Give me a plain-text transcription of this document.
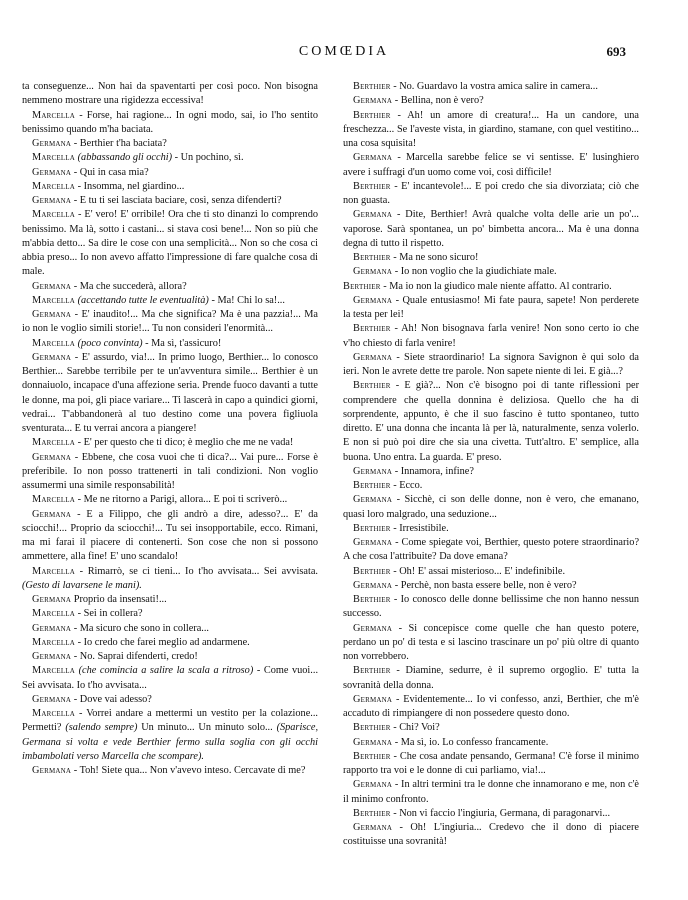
COMŒDIA	693

ta conseguenze... Non hai da spaventarti per così poco. Non bisogna nemmeno mostrare una rigidezza eccessiva!

Marcella - Forse, hai ragione... In ogni modo, sai, io l'ho sentito benissimo quando m'ha baciata.

Germana - Berthier t'ha baciata?

Marcella (abbassando gli occhi) - Un pochino, sì.

Germana - Qui in casa mia?

Marcella - Insomma, nel giardino...

Germana - E tu ti sei lasciata baciare, così, senza difenderti?

Marcella - E' vero! E' orribile! Ora che ti sto dinanzi lo comprendo benissimo. Ma là, sotto i castani... si stava così bene!... Non so più che m'abbia detto... Sa dire le cose con una semplicità... Non so che cosa ci abbia preso... Io non avevo affatto l'impressione di fare qualche cosa di male.

Germana - Ma che succederà, allora?

Marcella (accettando tutte le eventualità) - Ma! Chi lo sa!...

Germana - E' inaudito!... Ma che significa? Ma è una pazzia!... Ma io non le voglio simili storie!... Tu non consideri l'enormità...

Marcella (poco convinta) - Ma sì, t'assicuro!

Germana - E' assurdo, via!... In primo luogo, Berthier... lo conosco Berthier... Sarebbe terribile per te un'avventura simile... Berthier è un donnaiuolo, incapace d'una affezione seria. Prende fuoco davanti a tutte le donne, ma poi, gli piace variare... Ti lascerà in capo a quindici giorni, vedrai... T'abbandonerà al tuo destino come una povera figliuola sventurata... E tu verrai ancora a piangere!

Marcella - E' per questo che ti dico; è meglio che me ne vada!

Germana - Ebbene, che cosa vuoi che ti dica?... Vai pure... Forse è preferibile. Io non posso trattenerti in tali condizioni. Non voglio assumermi una simile responsabilità!

Marcella - Me ne ritorno a Parigi, allora... E poi ti scriverò...

Germana - E a Filippo, che gli andrò a dire, adesso?... E' da sciocchi!... Proprio da sciocchi!... Tu sei insopportabile, ecco. Rimani, ma mi farai il piacere di contenerti. Son cose che non si possono ammettere, alla fine! E' uno scandalo!

Marcella - Rimarrò, se ci tieni... Io t'ho avvisata... Sei avvisata. (Gesto di lavarsene le mani).

Germana Proprio da insensati!...

Marcella - Sei in collera?

Germana - Ma sicuro che sono in collera...

Marcella - Io credo che farei meglio ad andarmene.

Germana - No. Saprai difenderti, credo!

Marcella (che comincia a salire la scala a ritroso) - Come vuoi... Sei avvisata. Io t'ho avvisata...

Germana - Dove vai adesso?

Marcella - Vorrei andare a mettermi un vestito per la colazione... Permetti? (salendo sempre) Un minuto... Un minuto solo... (Sparisce, Germana si volta e vede Berthier fermo sulla soglia con gli occhi imbambolati verso Marcella che scompare).

Germana - Toh! Siete qua... Non v'avevo inteso. Cercavate di me?

Berthier - No. Guardavo la vostra amica salire in camera...

Germana - Bellina, non è vero?

Berthier - Ah! un amore di creatura!... Ha un candore, una freschezza... Se l'aveste vista, in giardino, stamane, con quel vestitino... una cosa squisita!

Germana - Marcella sarebbe felice se vi sentisse. E' lusinghiero avere i suffragi d'un uomo come voi, così difficile!

Berthier - E' incantevole!... E poi credo che sia divorziata; ciò che non guasta.

Germana - Dite, Berthier! Avrà qualche volta delle arie un po'... vaporose. Sarà spontanea, un po' bimbetta ancora... Ma è una donna degna di tutto il rispetto.

Berthier - Ma ne sono sicuro!

Germana - Io non voglio che la giudichiate male.

Berthier - Ma io non la giudico male niente affatto. Al contrario.

Germana - Quale entusiasmo! Mi fate paura, sapete! Non perderete la testa per lei!

Berthier - Ah! Non bisognava farla venire! Non sono certo io che v'ho chiesto di farla venire!

Germana - Siete straordinario! La signora Savignon è qui solo da ieri. Non le avrete dette tre parole. Non sapete niente di lei. E già...?

Berthier - E già?... Non c'è bisogno poi di tante riflessioni per comprendere che quella donnina è deliziosa. Quello che ha di sorprendente, appunto, è che il suo fascino è tutto spontaneo, tutto diretto. E' una donna che incanta là per là, naturalmente, senza volerlo. E non si può poi dire che sia una civetta. Tutt'altro. E' semplice, alla buona. Uno entra. La guarda. E' preso.

Germana - Innamora, infine?

Berthier - Ecco.

Germana - Sicchè, ci son delle donne, non è vero, che emanano, quasi loro malgrado, una seduzione...

Berthier - Irresistibile.

Germana - Come spiegate voi, Berthier, questo potere straordinario? A che cosa l'attribuite? Da dove emana?

Berthier - Oh! E' assai misterioso... E' indefinibile.

Germana - Perchè, non basta essere belle, non è vero?

Berthier - Io conosco delle donne bellissime che non hanno nessun successo.

Germana - Si concepisce come quelle che han questo potere, perdano un po' di testa e si lascino trascinare un po' più oltre di quanto non vorrebbero.

Berthier - Diamine, sedurre, è il supremo orgoglio. E' tutta la sovranità della donna.

Germana - Evidentemente... Io vi confesso, anzi, Berthier, che m'è accaduto di rimpiangere di non possedere questo dono.

Berthier - Chi? Voi?

Germana - Ma sì, io. Lo confesso francamente.

Berthier - Che cosa andate pensando, Germana! C'è forse il minimo rapporto tra voi e le donne di cui parliamo, via!...

Germana - In altri termini tra le donne che innamorano e me, non c'è il minimo confronto.

Berthier - Non vi faccio l'ingiuria, Germana, di paragonarvi...

Germana - Oh! L'ingiuria... Credevo che il dono di piacere costituisse una sovranità!
